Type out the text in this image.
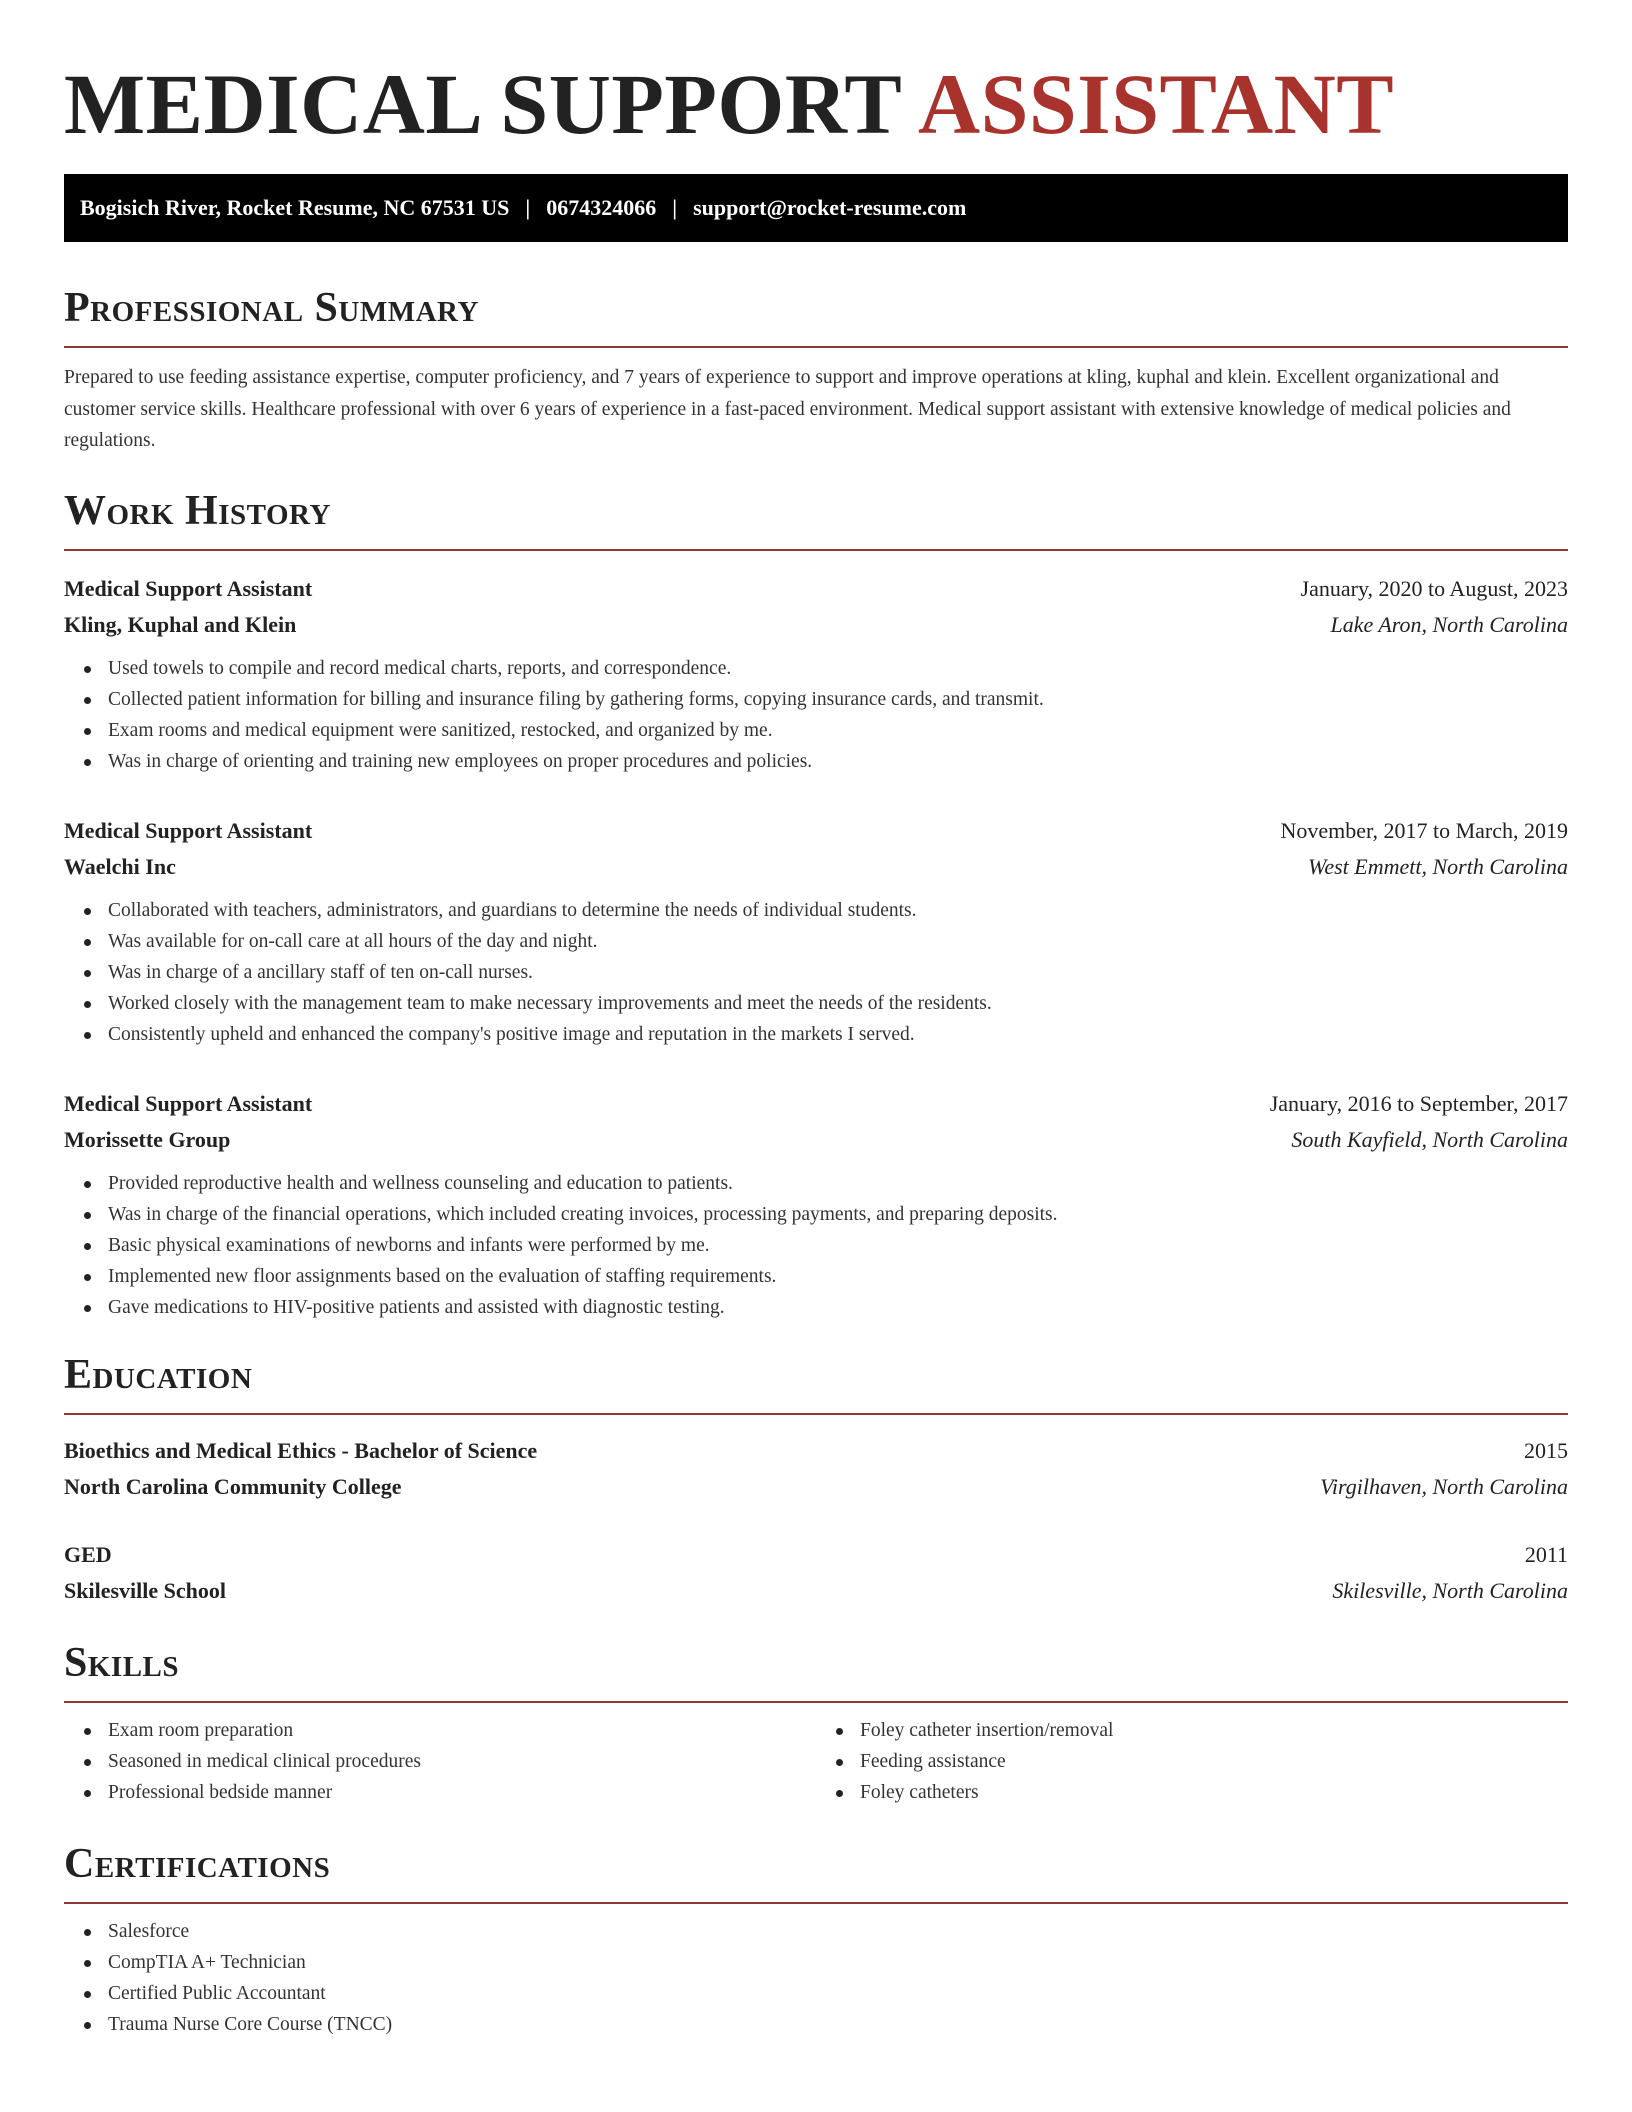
MEDICAL SUPPORT ASSISTANT
Bogisich River, Rocket Resume, NC 67531 US | 0674324066 | support@rocket-resume.com
Professional Summary

Prepared to use feeding assistance expertise, computer proficiency, and 7 years of experience to support and improve operations at kling, kuphal and klein. Excellent organizational and customer service skills. Healthcare professional with over 6 years of experience in a fast-paced environment. Medical support assistant with extensive knowledge of medical policies and regulations.

Work History
Medical Support Assistant	January, 2020 to August, 2023
Kling, Kuphal and Klein	Lake Aron, North Carolina
Used towels to compile and record medical charts, reports, and correspondence.
Collected patient information for billing and insurance filing by gathering forms, copying insurance cards, and transmit.
Exam rooms and medical equipment were sanitized, restocked, and organized by me.
Was in charge of orienting and training new employees on proper procedures and policies.
Medical Support Assistant	November, 2017 to March, 2019
Waelchi Inc	West Emmett, North Carolina
Collaborated with teachers, administrators, and guardians to determine the needs of individual students.
Was available for on-call care at all hours of the day and night.
Was in charge of a ancillary staff of ten on-call nurses.
Worked closely with the management team to make necessary improvements and meet the needs of the residents.
Consistently upheld and enhanced the company's positive image and reputation in the markets I served.
Medical Support Assistant	January, 2016 to September, 2017
Morissette Group	South Kayfield, North Carolina
Provided reproductive health and wellness counseling and education to patients.
Was in charge of the financial operations, which included creating invoices, processing payments, and preparing deposits.
Basic physical examinations of newborns and infants were performed by me.
Implemented new floor assignments based on the evaluation of staffing requirements.
Gave medications to HIV-positive patients and assisted with diagnostic testing.
Education
Bioethics and Medical Ethics - Bachelor of Science	2015
North Carolina Community College	Virgilhaven, North Carolina
GED	2011
Skilesville School	Skilesville, North Carolina
Skills
Exam room preparation
Seasoned in medical clinical procedures
Professional bedside manner
Foley catheter insertion/removal
Feeding assistance
Foley catheters
Certifications
Salesforce
CompTIA A+ Technician
Certified Public Accountant
Trauma Nurse Core Course (TNCC)
